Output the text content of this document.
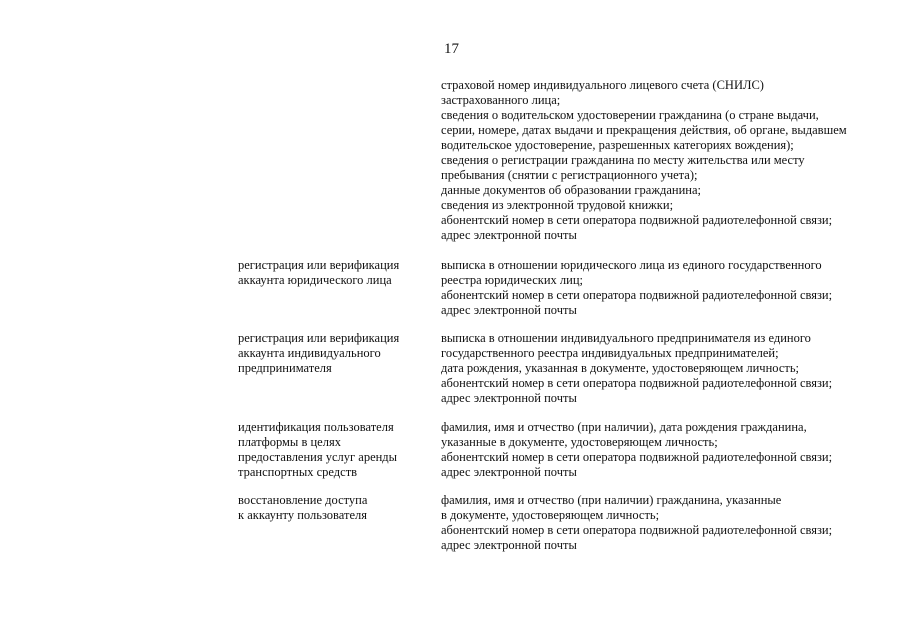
17
страховой номер индивидуального лицевого счета (СНИЛС)
застрахованного лица;
сведения о водительском удостоверении гражданина (о стране выдачи,
серии, номере, датах выдачи и прекращения действия, об органе, выдавшем
водительское удостоверение, разрешенных категориях вождения);
сведения о регистрации гражданина по месту жительства или месту
пребывания (снятии с регистрационного учета);
данные документов об образовании гражданина;
сведения из электронной трудовой книжки;
абонентский номер в сети оператора подвижной радиотелефонной связи;
адрес электронной почты
регистрация или верификация
аккаунта юридического лица
выписка в отношении юридического лица из единого государственного
реестра юридических лиц;
абонентский номер в сети оператора подвижной радиотелефонной связи;
адрес электронной почты
регистрация или верификация
аккаунта индивидуального
предпринимателя
выписка в отношении индивидуального предпринимателя из единого
государственного реестра индивидуальных предпринимателей;
дата рождения, указанная в документе, удостоверяющем личность;
абонентский номер в сети оператора подвижной радиотелефонной связи;
адрес электронной почты
идентификация пользователя
платформы в целях
предоставления услуг аренды
транспортных средств
фамилия, имя и отчество (при наличии), дата рождения гражданина,
указанные в документе, удостоверяющем личность;
абонентский номер в сети оператора подвижной радиотелефонной связи;
адрес электронной почты
восстановление доступа
к аккаунту пользователя
фамилия, имя и отчество (при наличии) гражданина, указанные
в документе, удостоверяющем личность;
абонентский номер в сети оператора подвижной радиотелефонной связи;
адрес электронной почты
